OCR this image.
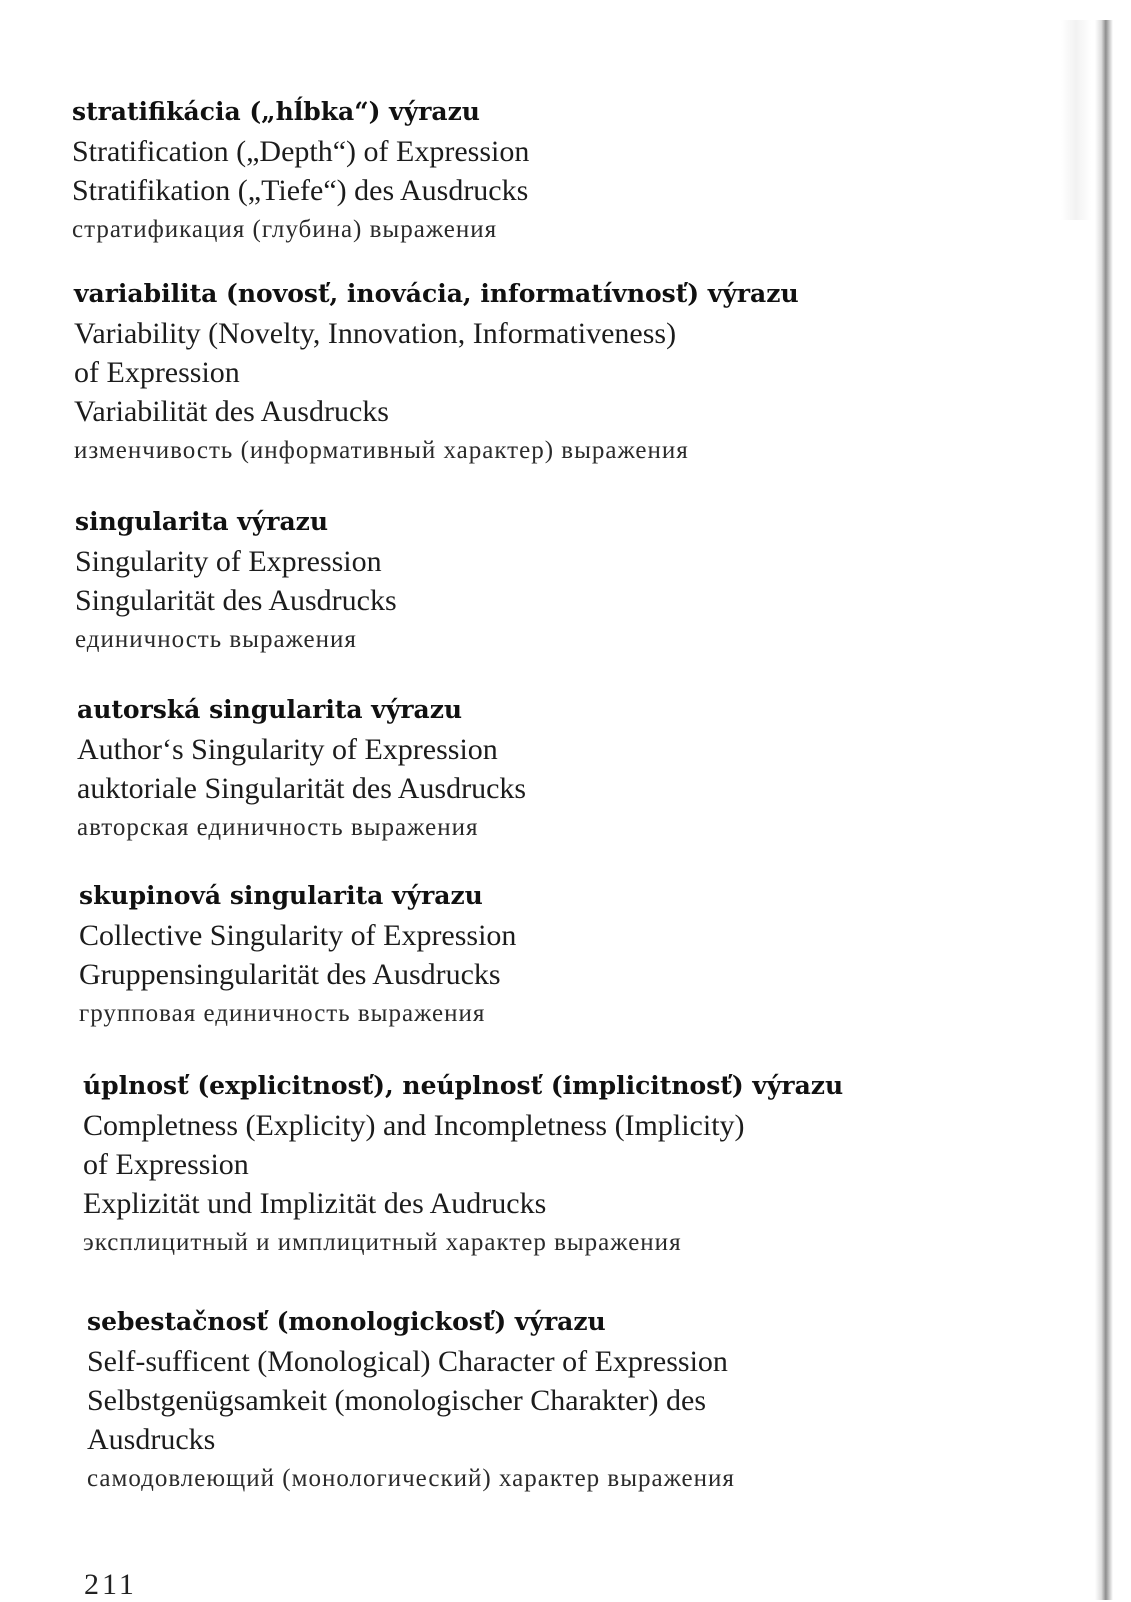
stratifikácia („hĺbka“) výrazu
Stratification („Depth“) of Expression
Stratifikation („Tiefe“) des Ausdrucks
стратификация (глубина) выражения
variabilita (novosť, inovácia, informatívnosť) výrazu
Variability (Novelty, Innovation, Informativeness)
of Expression
Variabilität des Ausdrucks
изменчивость (информативный характер) выражения
singularita výrazu
Singularity of Expression
Singularität des Ausdrucks
единичность выражения
autorská singularita výrazu
Author‘s Singularity of Expression
auktoriale Singularität des Ausdrucks
авторская единичность выражения
skupinová singularita výrazu
Collective Singularity of Expression
Gruppensingularität des Ausdrucks
групповая единичность выражения
úplnosť (explicitnosť), neúplnosť (implicitnosť) výrazu
Completness (Explicity) and Incompletness (Implicity)
of Expression
Explizität und Implizität des Audrucks
эксплицитный и имплицитный характер выражения
sebestačnosť (monologickosť) výrazu
Self-sufficent (Monological) Character of Expression
Selbstgenügsamkeit (monologischer Charakter) des
Ausdrucks
самодовлеющий (монологический) характер выражения
211
